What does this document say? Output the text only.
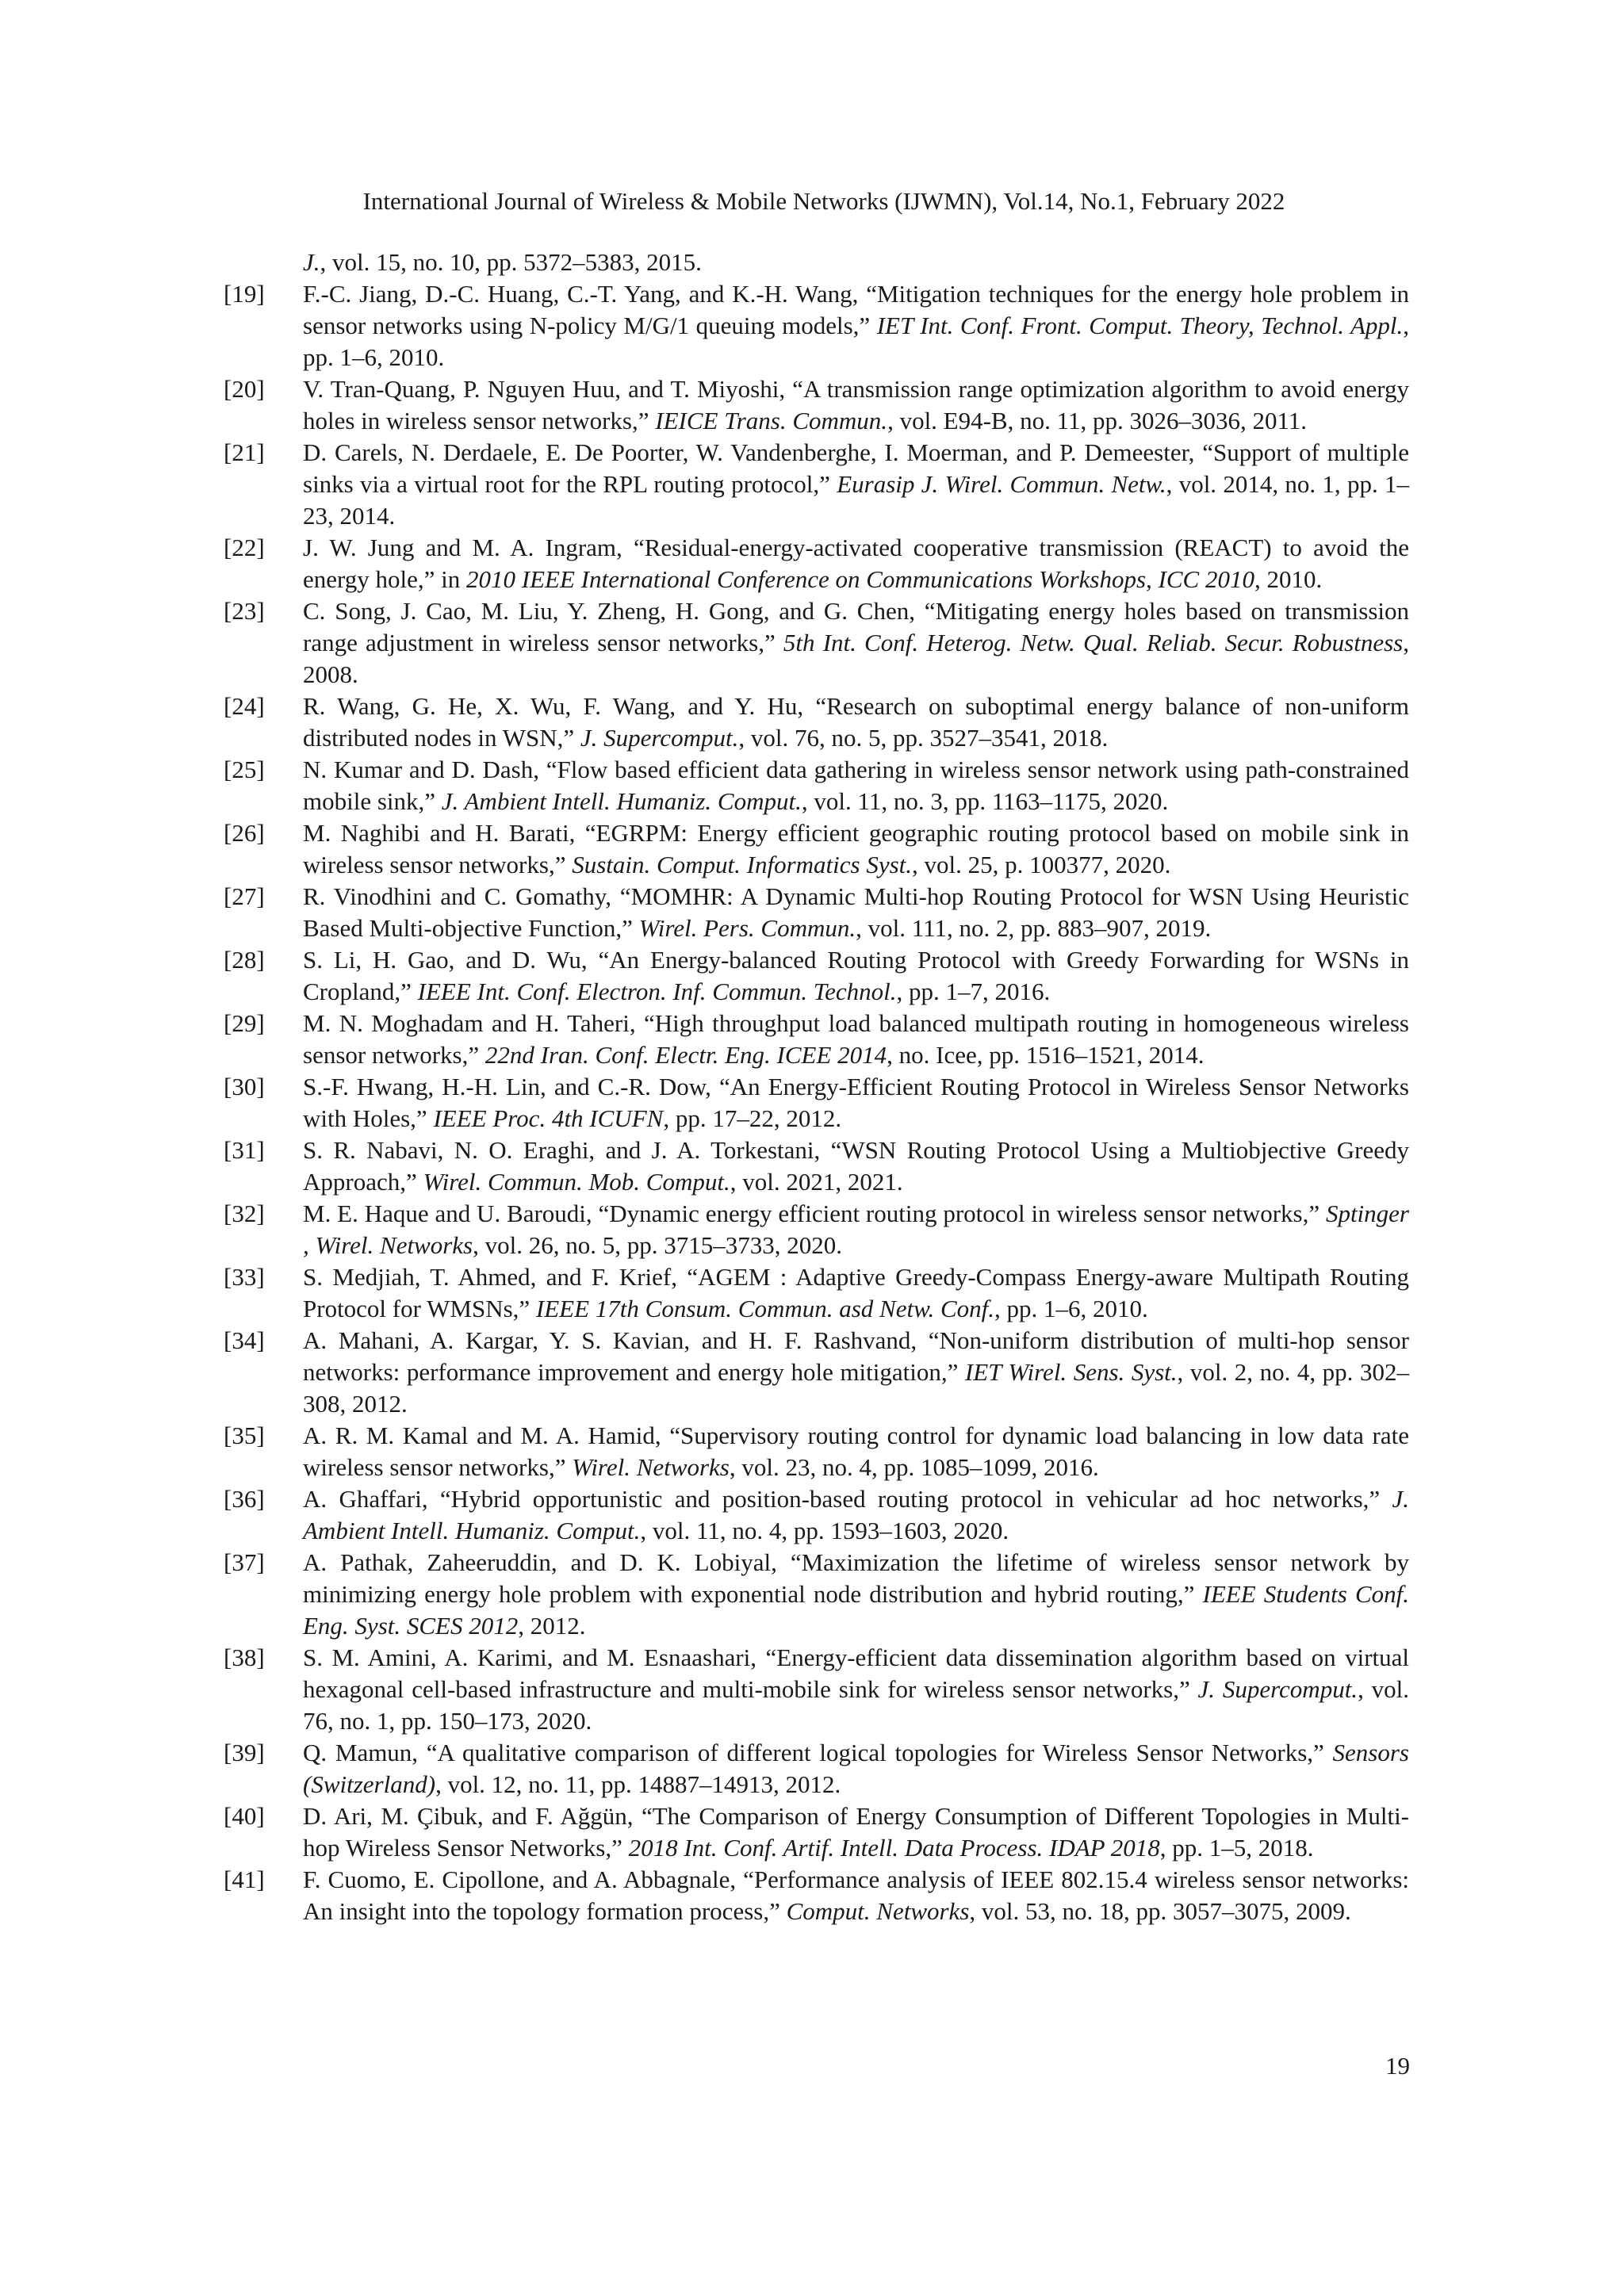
International Journal of Wireless & Mobile Networks (IJWMN), Vol.14, No.1, February 2022
J., vol. 15, no. 10, pp. 5372–5383, 2015.
[19]	F.-C. Jiang, D.-C. Huang, C.-T. Yang, and K.-H. Wang, “Mitigation techniques for the energy hole problem in sensor networks using N-policy M/G/1 queuing models,” IET Int. Conf. Front. Comput. Theory, Technol. Appl., pp. 1–6, 2010.
[20]	V. Tran-Quang, P. Nguyen Huu, and T. Miyoshi, “A transmission range optimization algorithm to avoid energy holes in wireless sensor networks,” IEICE Trans. Commun., vol. E94-B, no. 11, pp. 3026–3036, 2011.
[21]	D. Carels, N. Derdaele, E. De Poorter, W. Vandenberghe, I. Moerman, and P. Demeester, “Support of multiple sinks via a virtual root for the RPL routing protocol,” Eurasip J. Wirel. Commun. Netw., vol. 2014, no. 1, pp. 1–23, 2014.
[22]	J. W. Jung and M. A. Ingram, “Residual-energy-activated cooperative transmission (REACT) to avoid the energy hole,” in 2010 IEEE International Conference on Communications Workshops, ICC 2010, 2010.
[23]	C. Song, J. Cao, M. Liu, Y. Zheng, H. Gong, and G. Chen, “Mitigating energy holes based on transmission range adjustment in wireless sensor networks,” 5th Int. Conf. Heterog. Netw. Qual. Reliab. Secur. Robustness, 2008.
[24]	R. Wang, G. He, X. Wu, F. Wang, and Y. Hu, “Research on suboptimal energy balance of non-uniform distributed nodes in WSN,” J. Supercomput., vol. 76, no. 5, pp. 3527–3541, 2018.
[25]	N. Kumar and D. Dash, “Flow based efficient data gathering in wireless sensor network using path-constrained mobile sink,” J. Ambient Intell. Humaniz. Comput., vol. 11, no. 3, pp. 1163–1175, 2020.
[26]	M. Naghibi and H. Barati, “EGRPM: Energy efficient geographic routing protocol based on mobile sink in wireless sensor networks,” Sustain. Comput. Informatics Syst., vol. 25, p. 100377, 2020.
[27]	R. Vinodhini and C. Gomathy, “MOMHR: A Dynamic Multi-hop Routing Protocol for WSN Using Heuristic Based Multi-objective Function,” Wirel. Pers. Commun., vol. 111, no. 2, pp. 883–907, 2019.
[28]	S. Li, H. Gao, and D. Wu, “An Energy-balanced Routing Protocol with Greedy Forwarding for WSNs in Cropland,” IEEE Int. Conf. Electron. Inf. Commun. Technol., pp. 1–7, 2016.
[29]	M. N. Moghadam and H. Taheri, “High throughput load balanced multipath routing in homogeneous wireless sensor networks,” 22nd Iran. Conf. Electr. Eng. ICEE 2014, no. Icee, pp. 1516–1521, 2014.
[30]	S.-F. Hwang, H.-H. Lin, and C.-R. Dow, “An Energy-Efficient Routing Protocol in Wireless Sensor Networks with Holes,” IEEE Proc. 4th ICUFN, pp. 17–22, 2012.
[31]	S. R. Nabavi, N. O. Eraghi, and J. A. Torkestani, “WSN Routing Protocol Using a Multiobjective Greedy Approach,” Wirel. Commun. Mob. Comput., vol. 2021, 2021.
[32]	M. E. Haque and U. Baroudi, “Dynamic energy efficient routing protocol in wireless sensor networks,” Sptinger , Wirel. Networks, vol. 26, no. 5, pp. 3715–3733, 2020.
[33]	S. Medjiah, T. Ahmed, and F. Krief, “AGEM : Adaptive Greedy-Compass Energy-aware Multipath Routing Protocol for WMSNs,” IEEE 17th Consum. Commun. asd Netw. Conf., pp. 1–6, 2010.
[34]	A. Mahani, A. Kargar, Y. S. Kavian, and H. F. Rashvand, “Non-uniform distribution of multi-hop sensor networks: performance improvement and energy hole mitigation,” IET Wirel. Sens. Syst., vol. 2, no. 4, pp. 302–308, 2012.
[35]	A. R. M. Kamal and M. A. Hamid, “Supervisory routing control for dynamic load balancing in low data rate wireless sensor networks,” Wirel. Networks, vol. 23, no. 4, pp. 1085–1099, 2016.
[36]	A. Ghaffari, “Hybrid opportunistic and position-based routing protocol in vehicular ad hoc networks,” J. Ambient Intell. Humaniz. Comput., vol. 11, no. 4, pp. 1593–1603, 2020.
[37]	A. Pathak, Zaheeruddin, and D. K. Lobiyal, “Maximization the lifetime of wireless sensor network by minimizing energy hole problem with exponential node distribution and hybrid routing,” IEEE Students Conf. Eng. Syst. SCES 2012, 2012.
[38]	S. M. Amini, A. Karimi, and M. Esnaashari, “Energy-efficient data dissemination algorithm based on virtual hexagonal cell-based infrastructure and multi-mobile sink for wireless sensor networks,” J. Supercomput., vol. 76, no. 1, pp. 150–173, 2020.
[39]	Q. Mamun, “A qualitative comparison of different logical topologies for Wireless Sensor Networks,” Sensors (Switzerland), vol. 12, no. 11, pp. 14887–14913, 2012.
[40]	D. Ari, M. Çibuk, and F. Ağgün, “The Comparison of Energy Consumption of Different Topologies in Multi-hop Wireless Sensor Networks,” 2018 Int. Conf. Artif. Intell. Data Process. IDAP 2018, pp. 1–5, 2018.
[41]	F. Cuomo, E. Cipollone, and A. Abbagnale, “Performance analysis of IEEE 802.15.4 wireless sensor networks: An insight into the topology formation process,” Comput. Networks, vol. 53, no. 18, pp. 3057–3075, 2009.
19
